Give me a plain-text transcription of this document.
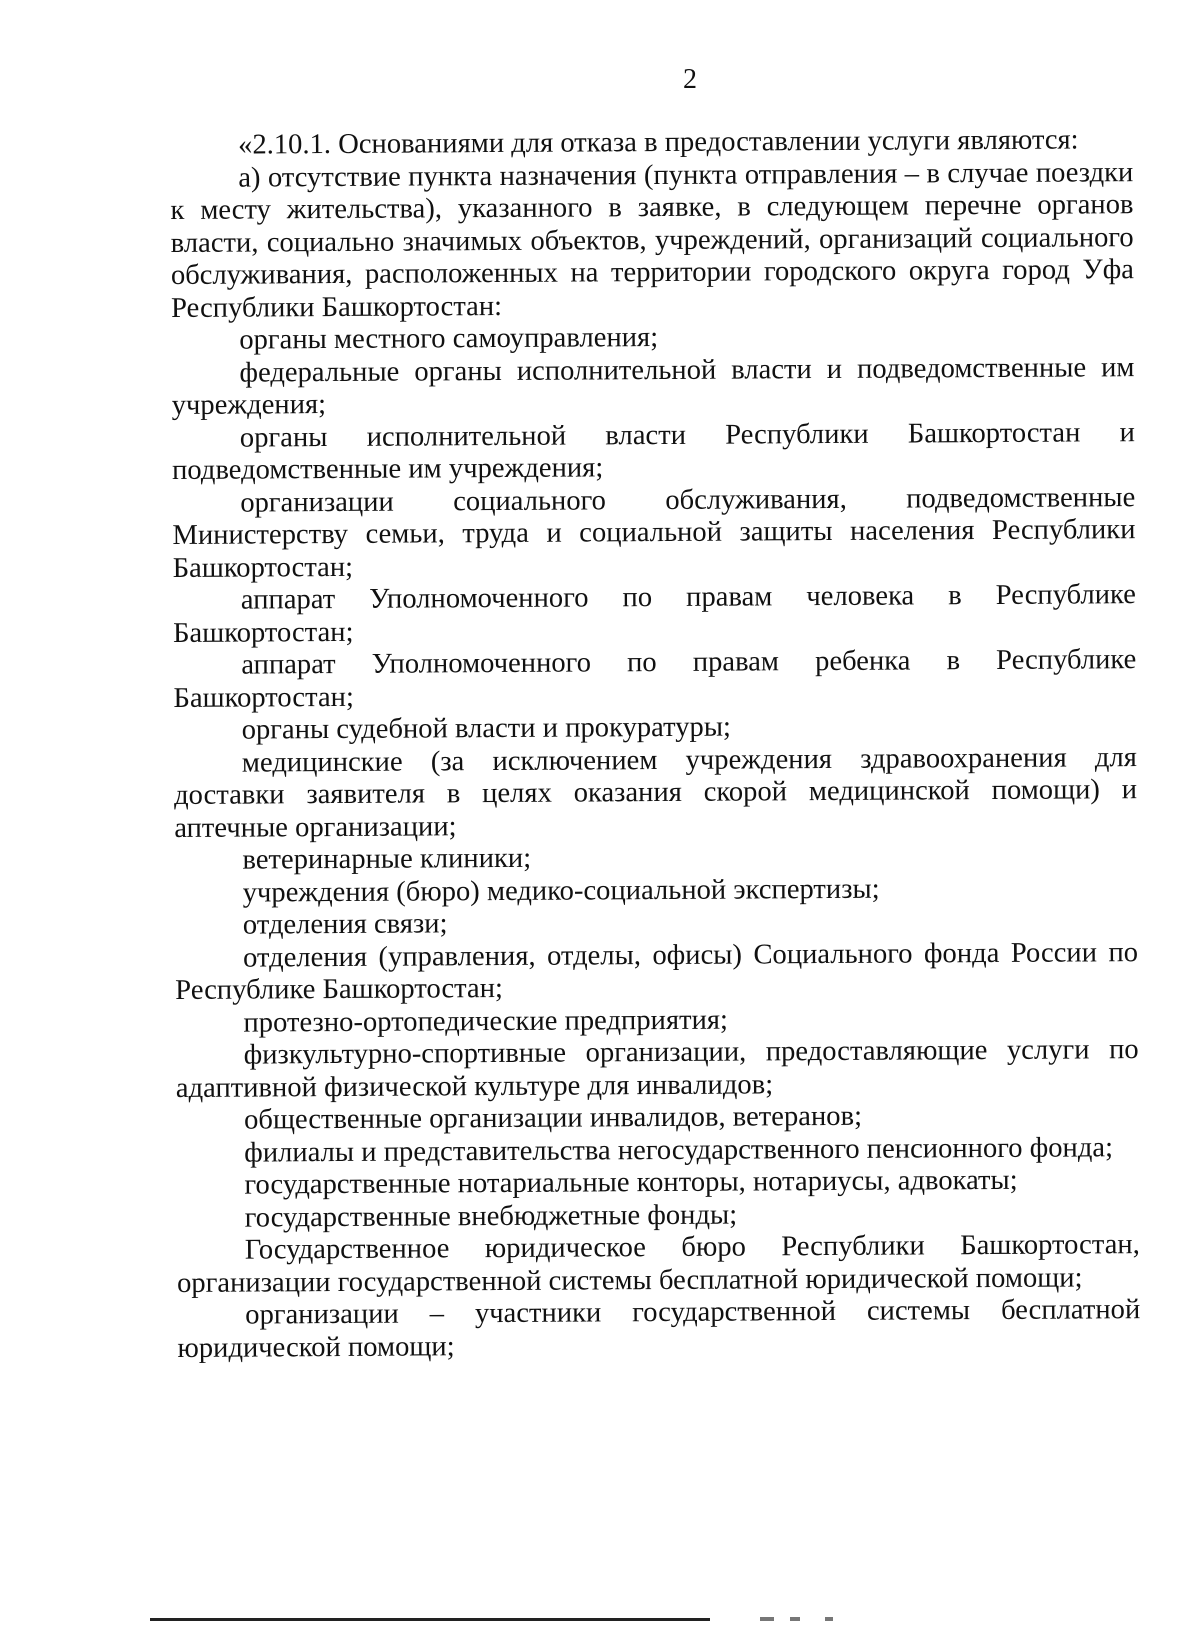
2

«2.10.1. Основаниями для отказа в предоставлении услуги являются:

а) отсутствие пункта назначения (пункта отправления – в случае поездки к месту жительства), указанного в заявке, в следующем перечне органов власти, социально значимых объектов, учреждений, организаций социального обслуживания, расположенных на территории городского округа город Уфа Республики Башкортостан:

органы местного самоуправления;

федеральные органы исполнительной власти и подведомственные им учреждения;

органы исполнительной власти Республики Башкортостан и подведомственные им учреждения;

организации социального обслуживания, подведомственные Министерству семьи, труда и социальной защиты населения Республики Башкортостан;

аппарат Уполномоченного по правам человека в Республике Башкортостан;

аппарат Уполномоченного по правам ребенка в Республике Башкортостан;

органы судебной власти и прокуратуры;

медицинские (за исключением учреждения здравоохранения для доставки заявителя в целях оказания скорой медицинской помощи) и аптечные организации;

ветеринарные клиники;

учреждения (бюро) медико-социальной экспертизы;

отделения связи;

отделения (управления, отделы, офисы) Социального фонда России по Республике Башкортостан;

протезно-ортопедические предприятия;

физкультурно-спортивные организации, предоставляющие услуги по адаптивной физической культуре для инвалидов;

общественные организации инвалидов, ветеранов;

филиалы и представительства негосударственного пенсионного фонда;

государственные нотариальные конторы, нотариусы, адвокаты;

государственные внебюджетные фонды;

Государственное юридическое бюро Республики Башкортостан, организации государственной системы бесплатной юридической помощи;

организации – участники государственной системы бесплатной юридической помощи;
